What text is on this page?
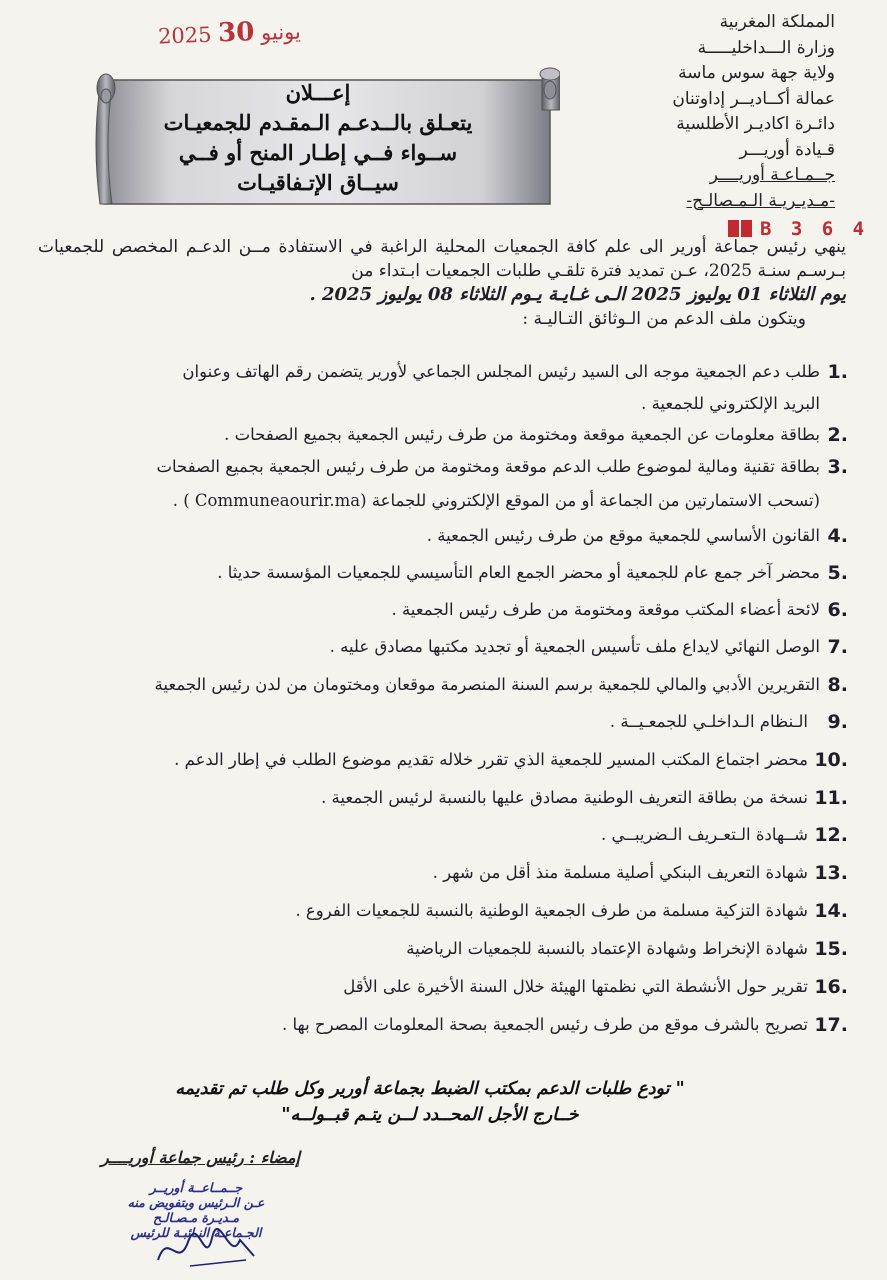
المملكة المغربية
وزارة الـــداخليـــــة
ولاية جهة سوس ماسة
عمالة أكــاديــر إداوتنان
دائـرة اكاديـر الأطلسية
قـيادة أوريـــر
جــمـاعـة أوريــــر
-مـديـريـة الـمـصالـح-
2025 يونيو 30
B 3 6 4
إعـــلان
يتعـلق بالــدعـم الـمقـدم للجمعيـات
ســواء فــي إطـار المنح أو فــي
سيــاق الإتـفاقيـات

ينهي رئيس جماعة أورير الى علم كافة الجمعيات المحلية الراغبة في الاستفادة مــن الدعـم المخصص للجمعيات بـرسـم سنـة 2025، عـن تمديد فترة تلقـي طلبات الجمعيات ابـتداء من

يوم الثلاثاء 01 يوليوز 2025 الـى غـايـة يـوم الثلاثاء 08 يوليوز 2025 .

ويتكون ملف الدعم من الـوثائق التـاليـة :

1.
طلب دعم الجمعية موجه الى السيد رئيس المجلس الجماعي لأورير يتضمن رقم الهاتف وعنوان
البريد الإلكتروني للجمعية .
2.
بطاقة معلومات عن الجمعية موقعة ومختومة من طرف رئيس الجمعية بجميع الصفحات .
3.
بطاقة تقنية ومالية لموضوع طلب الدعم موقعة ومختومة من طرف رئيس الجمعية بجميع الصفحات
(تسحب الاستمارتين من الجماعة أو من الموقع الإلكتروني للجماعة (Communeaourir.ma ) .
4.
القانون الأساسي للجمعية موقع من طرف رئيس الجمعية .
5.
محضر آخر جمع عام للجمعية أو محضر الجمع العام التأسيسي للجمعيات المؤسسة حديثا .
6.
لائحة أعضاء المكتب موقعة ومختومة من طرف رئيس الجمعية .
7.
الوصل النهائي لايداع ملف تأسيس الجمعية أو تجديد مكتبها مصادق عليه .
8.
التقريرين الأدبي والمالي للجمعية برسم السنة المنصرمة موقعان ومختومان من لدن رئيس الجمعية
9.
الـنظام الـداخلـي للجمعـيــة .
10.
محضر اجتماع المكتب المسير للجمعية الذي تقرر خلاله تقديم موضوع الطلب في إطار الدعم .
11.
نسخة من بطاقة التعريف الوطنية مصادق عليها بالنسبة لرئيس الجمعية .
12.
شــهادة الـتعـريف الـضريبــي .
13.
شهادة التعريف البنكي أصلية مسلمة منذ أقل من شهر .
14.
شهادة التزكية مسلمة من طرف الجمعية الوطنية بالنسبة للجمعيات الفروع .
15.
شهادة الإنخراط وشهادة الإعتماد بالنسبة للجمعيات الرياضية
16.
تقرير حول الأنشطة التي نظمتها الهيئة خلال السنة الأخيرة على الأقل
17.
تصريح بالشرف موقع من طرف رئيس الجمعية بصحة المعلومات المصرح بها .
" تودع طلبات الدعم بمكتب الضبط بجماعة أورير وكل طلب تم تقديمه
خــارج الأجل المحــدد لــن يتـم قبــولــه"
إمضاء : رئيس جماعة أوريــــر
جــمــاعــة أوريــر
عـن الـرئيس وبتفويض منه
مـديـرة مـصـالـح
الجـماعـة النـائبـة للرئيس
